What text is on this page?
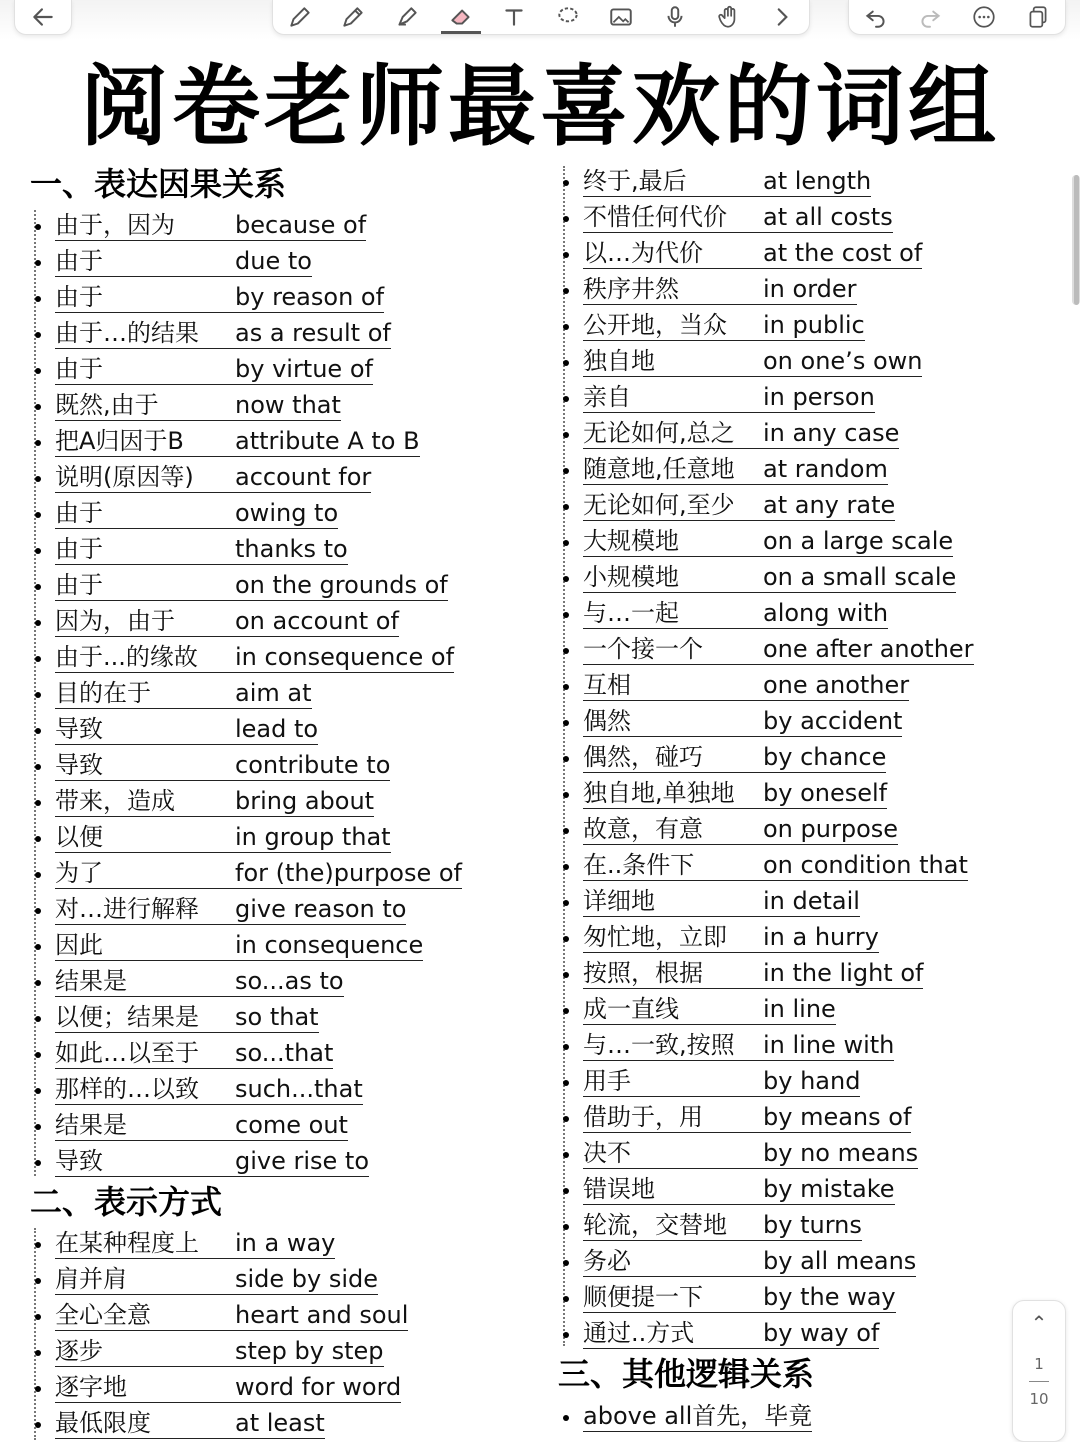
阅卷老师最喜欢的词组
一、表达因果关系
由于，因为	because of
由于	due to
由于	by reason of
由于…的结果 as a result of
由于	by virtue of
既然,由于	now that
把A归因于B attribute A to B
说明(原因等) account for
由于	owing to
由于	thanks to
由于	on the grounds of
因为，由于	on account of
由于...的缘故 in consequence of
目的在于	aim at
导致	lead to
导致	contribute to
带来，造成	bring about
以便	in group that
为了	for (the)purpose of
对…进行解释 give reason to
因此	in consequence
结果是	so...as to
以便；结果是 so that
如此…以至于 so...that
那样的…以致 such...that
结果是	come out
导致	give rise to
二、表示方式
在某种程度上 in a way
肩并肩	side by side
全心全意	heart and soul
逐步	step by step
逐字地	word for word
最低限度	at least
终于,最后	at length
不惜任何代价 at all costs
以…为代价	at the cost of
秩序井然	in order
公开地，当众 in public
独自地	on one’s own
亲自	in person
无论如何,总之 in any case
随意地,任意地 at random
无论如何,至少 at any rate
大规模地	on a large scale
小规模地	on a small scale
与…一起	along with
一个接一个	one after another
互相	one another
偶然	by accident
偶然，碰巧	by chance
独自地,单独地 by oneself
故意，有意	on purpose
在..条件下	on condition that
详细地	in detail
匆忙地，立即 in a hurry
按照，根据	in the light of
成一直线	in line
与…一致,按照 in line with
用手	by hand
借助于，用	by means of
决不	by no means
错误地	by mistake
轮流，交替地 by turns
务必	by all means
顺便提一下	by the way
通过..方式	by way of
三、其他逻辑关系
above all首先，毕竟
⌃
1
10
